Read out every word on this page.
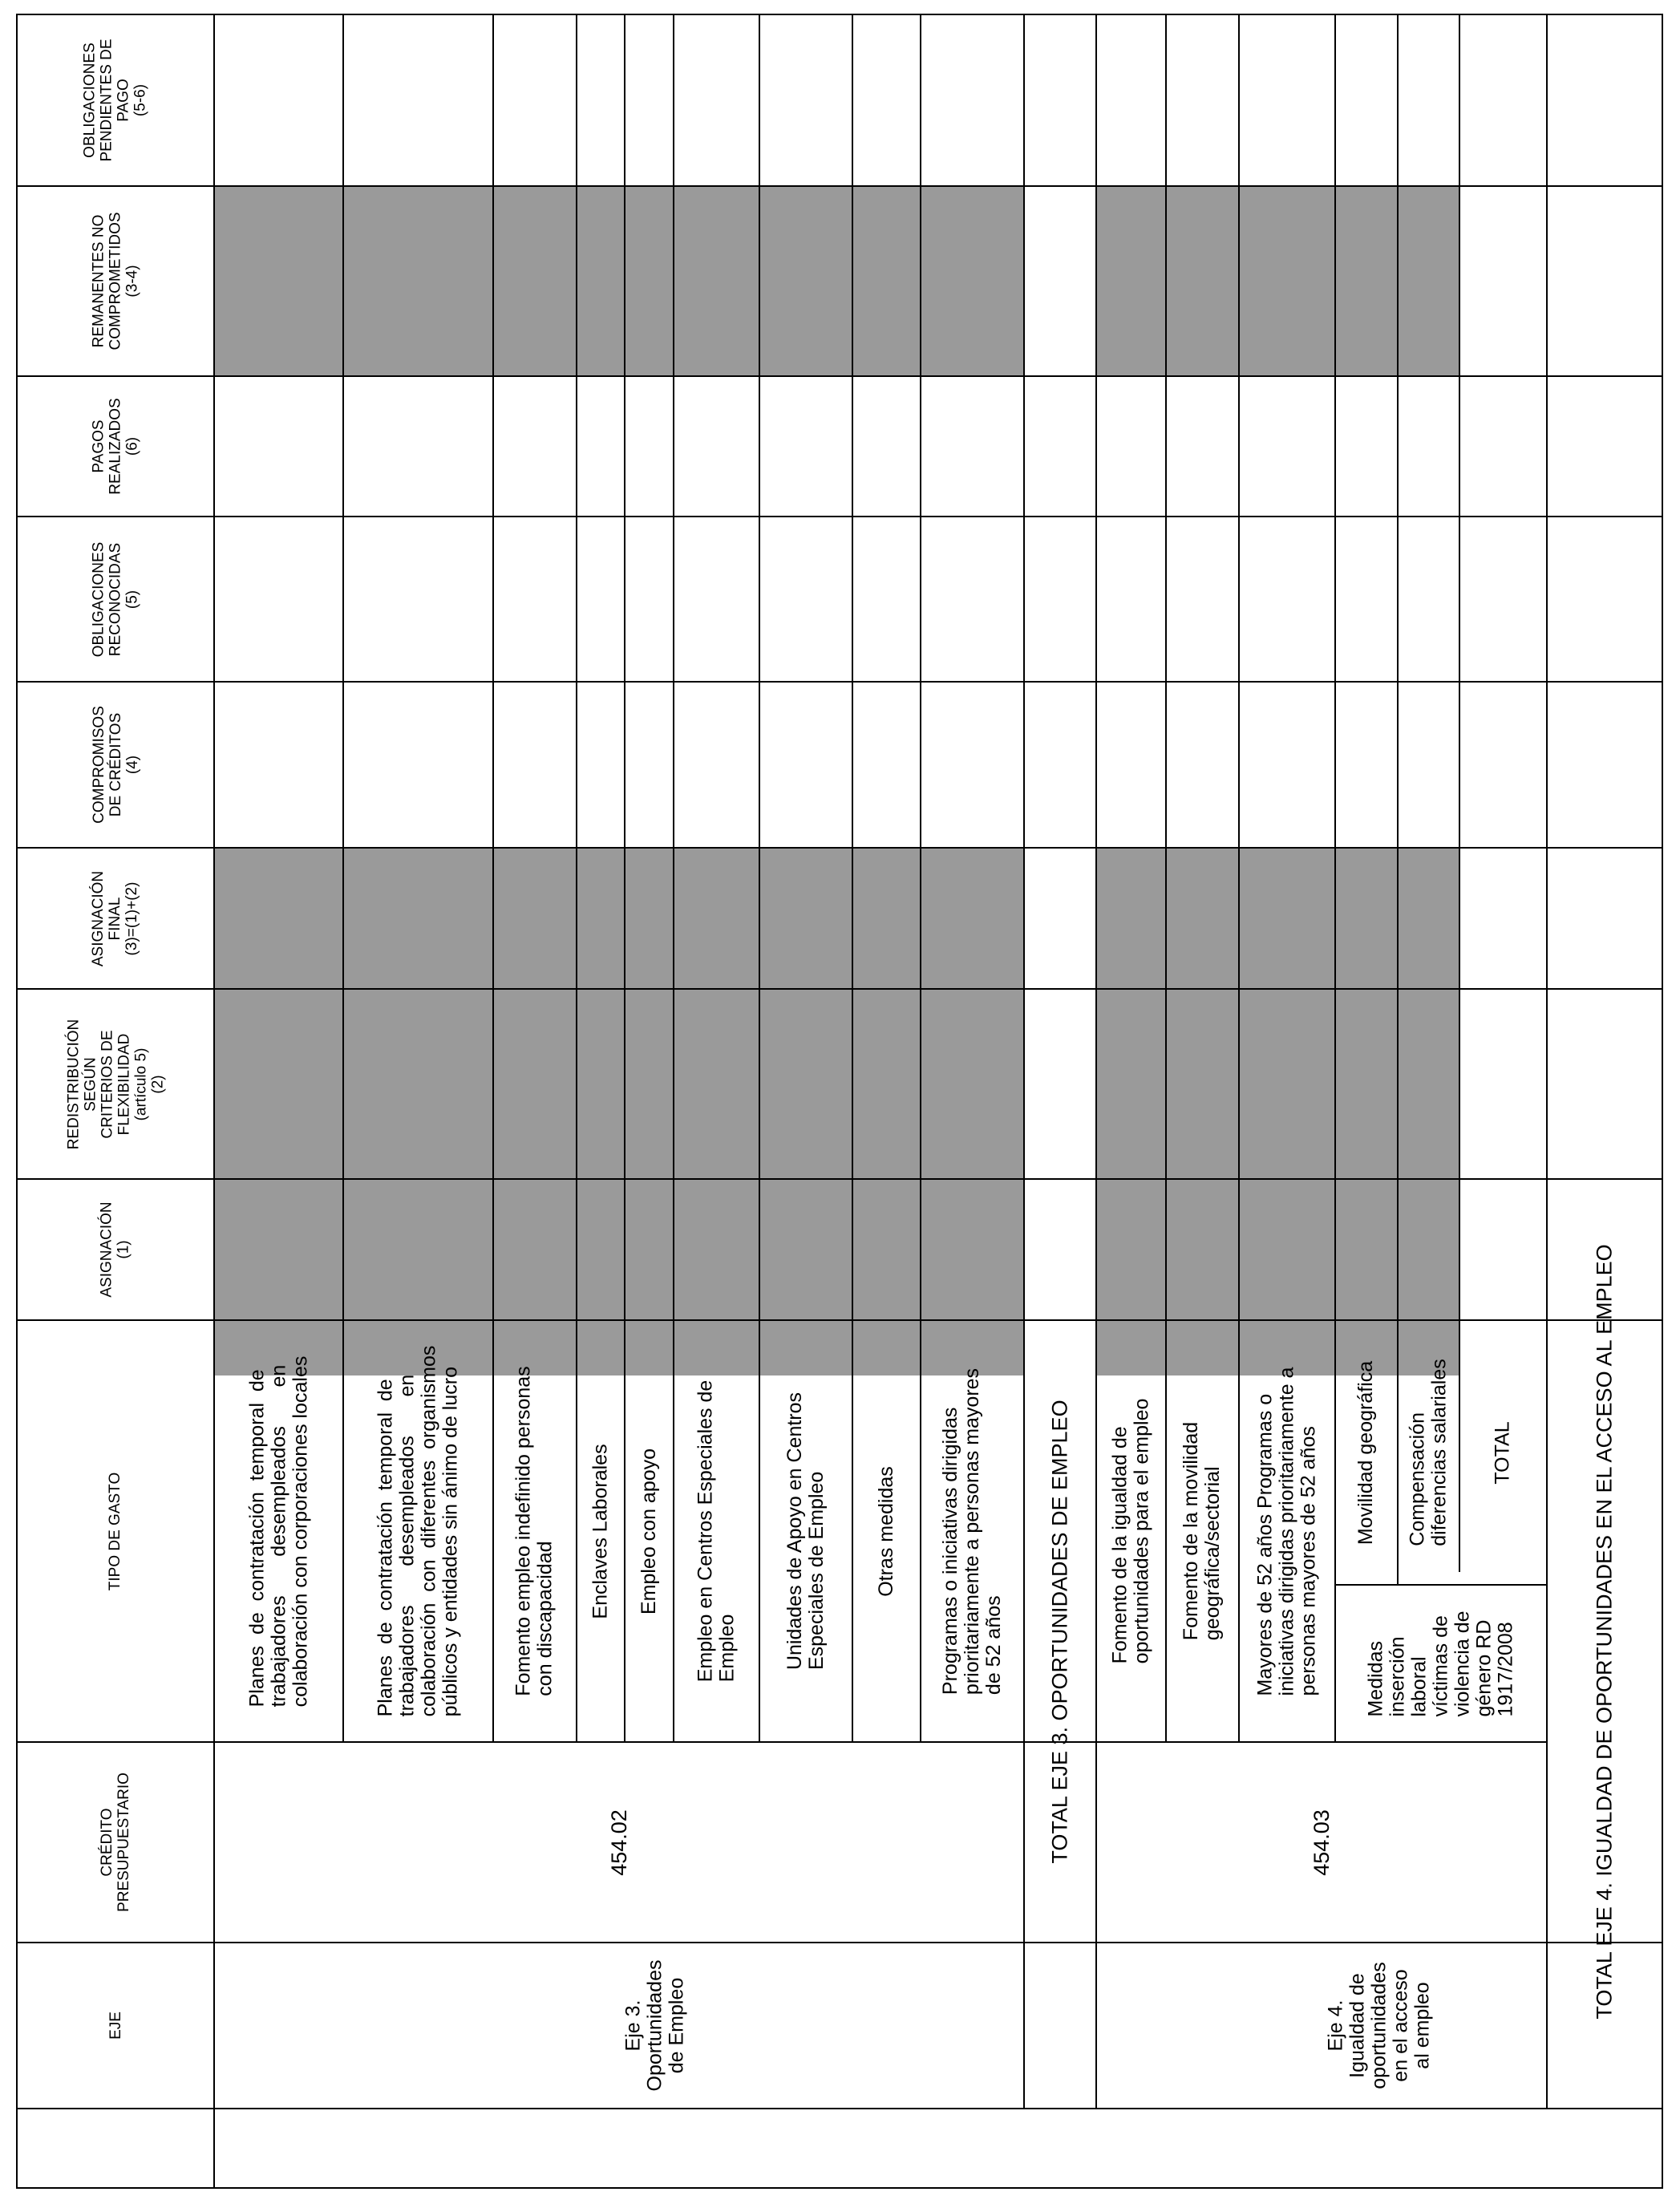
OBLIGACIONES
PENDIENTES DE
PAGO
(5-6)
REMANENTES NO
COMPROMETIDOS
(3-4)
PAGOS
REALIZADOS
(6)
OBLIGACIONES
RECONOCIDAS
(5)
COMPROMISOS
DE CRÉDITOS
(4)
ASIGNACIÓN
FINAL
(3)=(1)+(2)
REDISTRIBUCIÓN
SEGÚN
CRITERIOS DE
FLEXIBILIDAD
(artículo 5)
(2)
ASIGNACIÓN
(1)
TIPO DE GASTO
CRÉDITO
PRESUPUESTARIO
EJE
Planes  de  contratación  temporal  de
trabajadores       desempleados       en
colaboración con corporaciones locales
Planes  de  contratación  temporal  de
trabajadores       desempleados       en
colaboración  con  diferentes  organismos
públicos y entidades sin ánimo de lucro
Fomento empleo indefinido personas
con discapacidad Enclaves Laborales Empleo con apoyo
Empleo en Centros Especiales de
Empleo Unidades de Apoyo en Centros
Especiales de Empleo Otras medidas
Programas o iniciativas dirigidas
prioritariamente a personas mayores
de 52 años
454.02
Eje 3.
Oportunidades
de Empleo
TOTAL EJE 3. OPORTUNIDADES DE EMPLEO Fomento de la igualdad de
oportunidades para el empleo
Fomento de la movilidad
geográfica/sectorial
Mayores de 52 años Programas o
iniciativas dirigidas prioritariamente a
personas mayores de 52 años
Medidas
inserción
laboral
víctimas de
violencia de
género RD
1917/2008
Movilidad geográfica Compensación
diferencias salariales
TOTAL
454.03
Eje 4.
Igualdad de
oportunidades
en el acceso
al empleo	TOTAL EJE 4. IGUALDAD DE OPORTUNIDADES EN EL ACCESO AL EMPLEO
